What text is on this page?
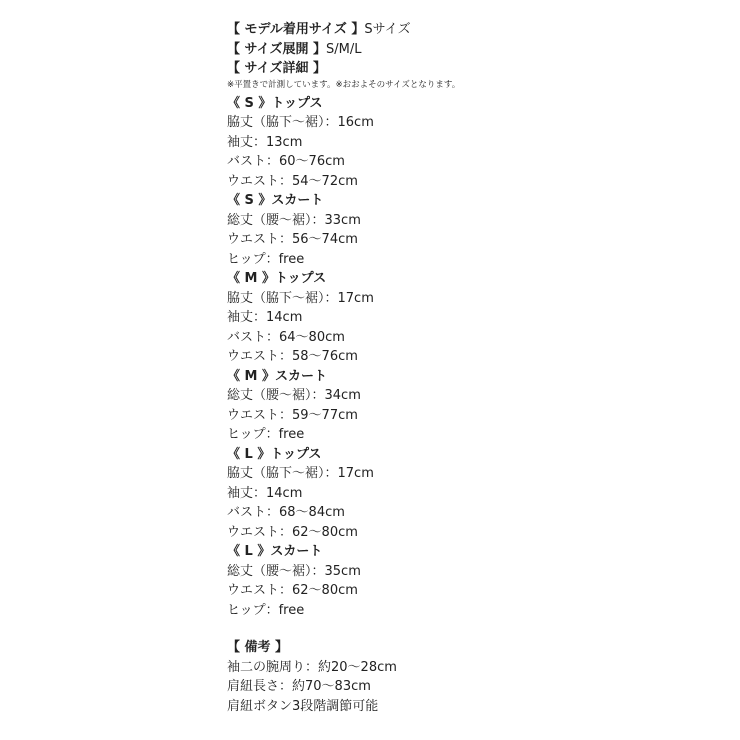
【 モデル着用サイズ 】Sサイズ
【 サイズ展開 】S/M/L
【 サイズ詳細 】
※平置きで計測しています。※おおよそのサイズとなります。
《 S 》トップス
脇丈（脇下〜裾）：16cm
袖丈：13cm
バスト：60〜76cm
ウエスト：54〜72cm
《 S 》スカート
総丈（腰〜裾）：33cm
ウエスト：56〜74cm
ヒップ：free
《 M 》トップス
脇丈（脇下〜裾）：17cm
袖丈：14cm
バスト：64〜80cm
ウエスト：58〜76cm
《 M 》スカート
総丈（腰〜裾）：34cm
ウエスト：59〜77cm
ヒップ：free
《 L 》トップス
脇丈（脇下〜裾）：17cm
袖丈：14cm
バスト：68〜84cm
ウエスト：62〜80cm
《 L 》スカート
総丈（腰〜裾）：35cm
ウエスト：62〜80cm
ヒップ：free
【 備考 】
袖二の腕周り：約20〜28cm
肩紐長さ：約70〜83cm
肩紐ボタン3段階調節可能
